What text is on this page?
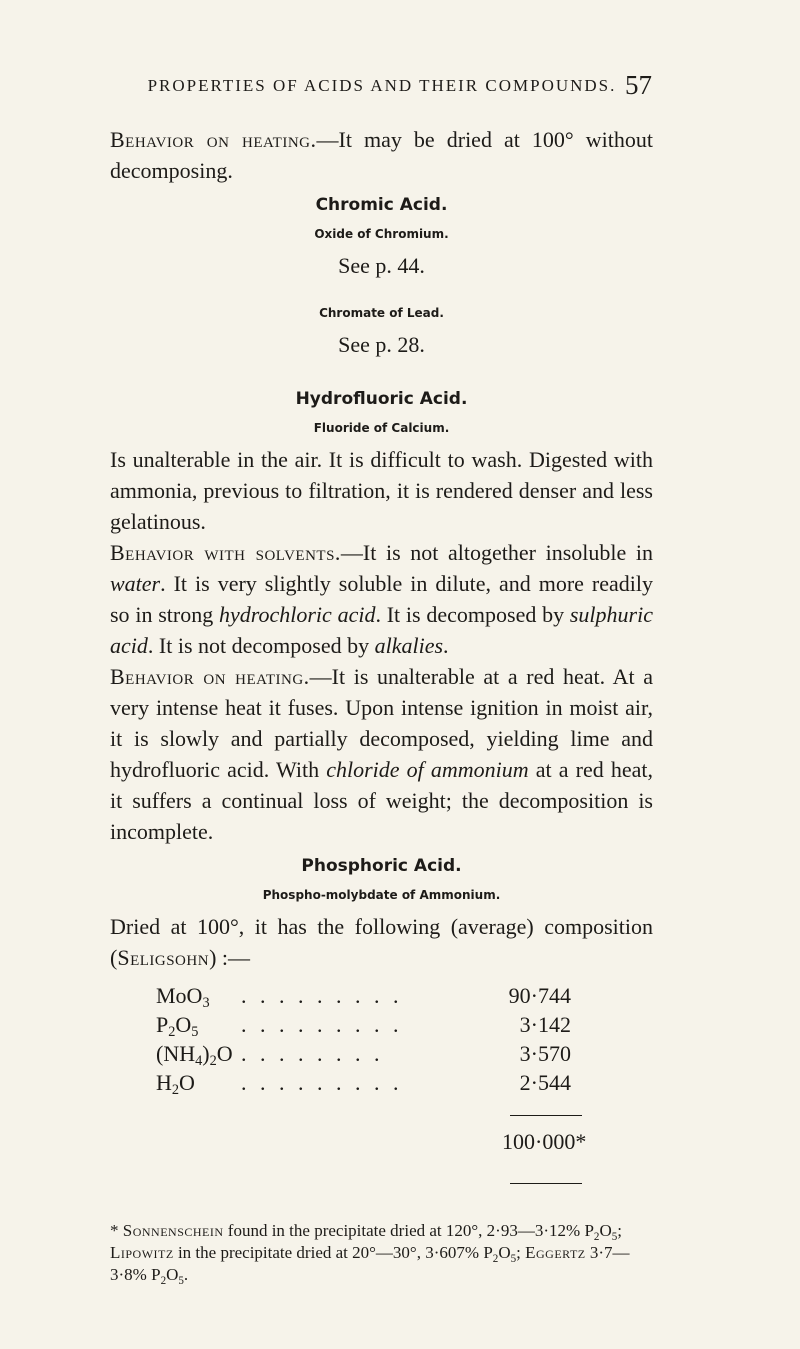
PROPERTIES OF ACIDS AND THEIR COMPOUNDS. 57

Behavior on heating.—It may be dried at 100° without decomposing.

Chromic Acid.
Oxide of Chromium.
See p. 44.
Chromate of Lead.
See p. 28.
Hydrofluoric Acid.
Fluoride of Calcium.

Is unalterable in the air. It is difficult to wash. Digested with ammonia, previous to filtration, it is rendered denser and less gelatinous.

Behavior with solvents.—It is not altogether insoluble in water. It is very slightly soluble in dilute, and more readily so in strong hydrochloric acid. It is decomposed by sulphuric acid. It is not decomposed by alkalies.

Behavior on heating.—It is unalterable at a red heat. At a very intense heat it fuses. Upon intense ignition in moist air, it is slowly and partially decomposed, yielding lime and hydrofluoric acid. With chloride of ammonium at a red heat, it suffers a continual loss of weight; the decomposition is incomplete.

Phosphoric Acid.
Phospho-molybdate of Ammonium.

Dried at 100°, it has the following (average) composition (Seligsohn) :—

MoO$_3$	. . . . . . . . .	90·744
$P_2O_5$	. . . . . . . . .	3·142
$(NH_4)_2O$ . . . . . . . .	3·570
$H_2O$	. . . . . . . . .	2·544
100·000*
* Sonnenschein found in the precipitate dried at 120°, 2·93—3·12% $P_2O_5$; Lipowitz in the precipitate dried at 20°—30°, 3·607% $P_2O_5$; Eggertz 3·7—3·8% $P_2O_5$.
